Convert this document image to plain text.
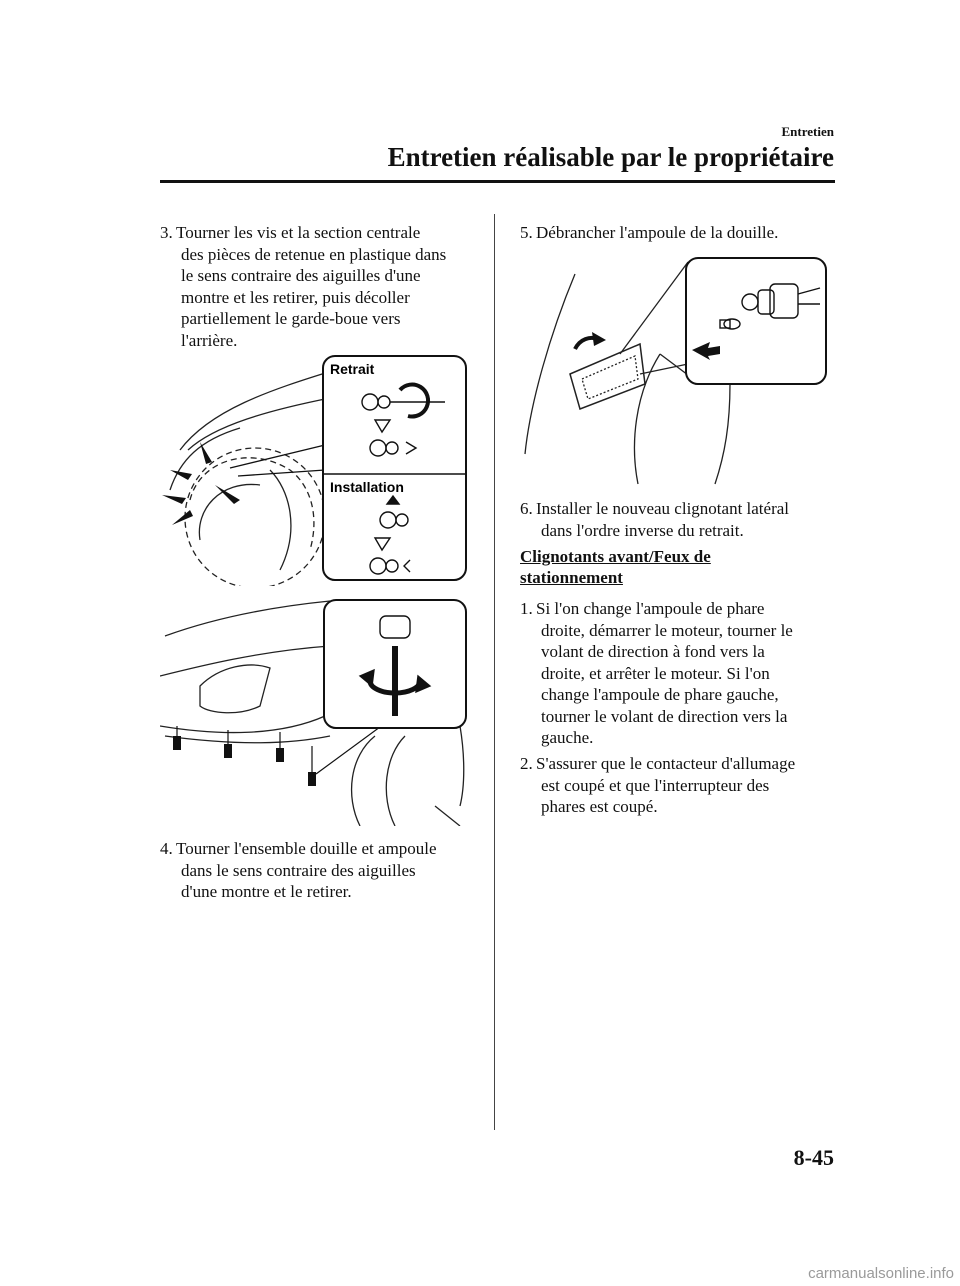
Entretien
Entretien réalisable par le propriétaire
3. Tourner les vis et la section centrale
des pièces de retenue en plastique dans
le sens contraire des aiguilles d'une
montre et les retirer, puis décoller
partiellement le garde-boue vers
l'arrière.
Retrait
Installation
4. Tourner l'ensemble douille et ampoule
dans le sens contraire des aiguilles
d'une montre et le retirer.
5. Débrancher l'ampoule de la douille.
6. Installer le nouveau clignotant latéral
dans l'ordre inverse du retrait.
Clignotants avant/Feux de
stationnement
1. Si l'on change l'ampoule de phare
droite, démarrer le moteur, tourner le
volant de direction à fond vers la
droite, et arrêter le moteur. Si l'on
change l'ampoule de phare gauche,
tourner le volant de direction vers la
gauche.
2. S'assurer que le contacteur d'allumage
est coupé et que l'interrupteur des
phares est coupé.
8-45
carmanualsonline.info
